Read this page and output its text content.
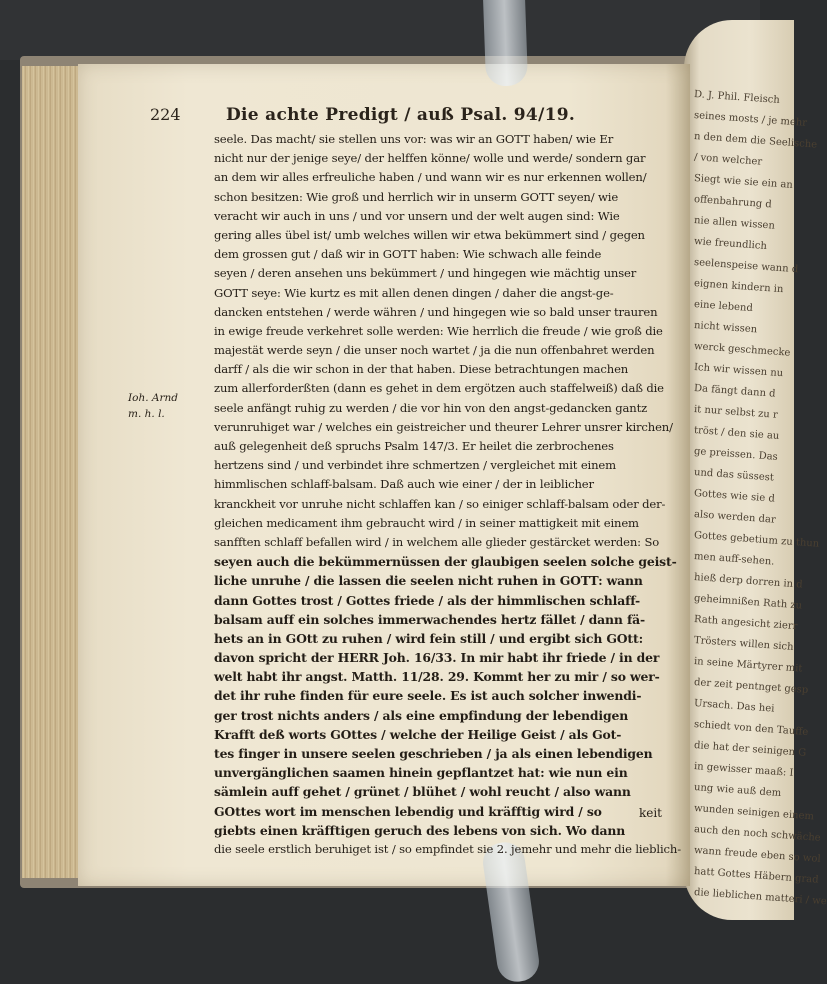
D. J. Phil. Fleisch
seines mosts / je mehr
n den dem die Seelische
/ von welcher
Siegt wie sie ein an
offenbahrung d
nie allen wissen
wie freundlich
seelenspeise wann d
eignen kindern in
eine lebend
nicht wissen
werck geschmecke
Ich wir wissen nu
Da fängt dann d
it nur selbst zu r
tröst / den sie au
ge preissen. Das
und das süssest
Gottes wie sie d
also werden dar
Gottes gebetium zu thun
men auff-sehen.
hieß derp dorren in d
geheimnißen Rath zu
Rath angesicht zierr
Trösters willen sich
in seine Märtyrer mit
der zeit pentnget gesp
Ursach. Das hei
schiedt von den Tauffe
die hat der seinigen G
in gewisser maaß: I
ung wie auß dem
wunden seinigen einem
auch den noch schwäche
wann freude eben so wol
hatt Gottes Häbern grad
die lieblichen matteri / we
224	Die achte Predigt / auß Psal. 94/19.
Ioh. Arnd
m. h. l.
seele. Das macht/ sie stellen uns vor: was wir an GOTT haben/ wie Er
nicht nur der jenige seye/ der helffen könne/ wolle und werde/ sondern gar
an dem wir alles erfreuliche haben / und wann wir es nur erkennen wollen/
schon besitzen: Wie groß und herrlich wir in unserm GOTT seyen/ wie
veracht wir auch in uns / und vor unsern und der welt augen sind: Wie
gering alles übel ist/ umb welches willen wir etwa bekümmert sind / gegen
dem grossen gut / daß wir in GOTT haben: Wie schwach alle feinde
seyen / deren ansehen uns bekümmert / und hingegen wie mächtig unser
GOTT seye: Wie kurtz es mit allen denen dingen / daher die angst-ge-
dancken entstehen / werde währen / und hingegen wie so bald unser trauren
in ewige freude verkehret solle werden: Wie herrlich die freude / wie groß die
majestät werde seyn / die unser noch wartet / ja die nun offenbahret werden
darff / als die wir schon in der that haben. Diese betrachtungen machen
zum allerforderßten (dann es gehet in dem ergötzen auch staffelweiß) daß die
seele anfängt ruhig zu werden / die vor hin von den angst-gedancken gantz
verunruhiget war / welches ein geistreicher und theurer Lehrer unsrer kirchen/
auß gelegenheit deß spruchs Psalm 147/3. Er heilet die zerbrochenes
hertzens sind / und verbindet ihre schmertzen / vergleichet mit einem
himmlischen schlaff-balsam. Daß auch wie einer / der in leiblicher
kranckheit vor unruhe nicht schlaffen kan / so einiger schlaff-balsam oder der-
gleichen medicament ihm gebraucht wird / in seiner mattigkeit mit einem
sanfften schlaff befallen wird / in welchem alle glieder gestärcket werden: So
seyen auch die bekümmernüssen der glaubigen seelen solche geist-
liche unruhe / die lassen die seelen nicht ruhen in GOTT: wann
dann Gottes trost / Gottes friede / als der himmlischen schlaff-
balsam auff ein solches immerwachendes hertz fället / dann fä-
hets an in GOtt zu ruhen / wird fein still / und ergibt sich GOtt:
davon spricht der HERR Joh. 16/33. In mir habt ihr friede / in der
welt habt ihr angst. Matth. 11/28. 29. Kommt her zu mir / so wer-
det ihr ruhe finden für eure seele. Es ist auch solcher inwendi-
ger trost nichts anders / als eine empfindung der lebendigen
Krafft deß worts GOttes / welche der Heilige Geist / als Got-
tes finger in unsere seelen geschrieben / ja als einen lebendigen
unvergänglichen saamen hinein gepflantzet hat: wie nun ein
sämlein auff gehet / grünet / blühet / wohl reucht / also wann
GOttes wort im menschen lebendig und kräfftig wird / so
giebts einen kräfftigen geruch des lebens von sich. Wo dann
die seele erstlich beruhiget ist / so empfindet sie 2. jemehr und mehr die lieblich-
keit
